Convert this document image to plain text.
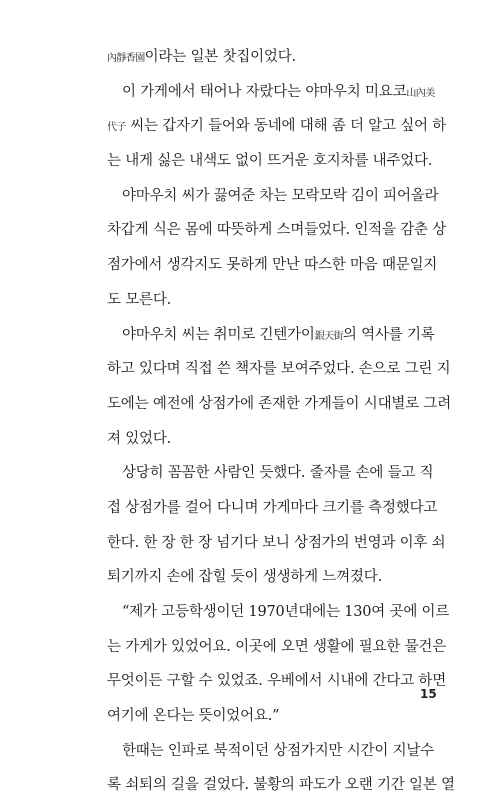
內靜香園이라는 일본 찻집이었다.
이 가게에서 태어나 자랐다는 야마우치 미요코山內美
代子 씨는 갑자기 들어와 동네에 대해 좀 더 알고 싶어 하
는 내게 싫은 내색도 없이 뜨거운 호지차를 내주었다.
야마우치 씨가 끓여준 차는 모락모락 김이 피어올라
차갑게 식은 몸에 따뜻하게 스며들었다. 인적을 감춘 상
점가에서 생각지도 못하게 만난 따스한 마음 때문일지
도 모른다.
야마우치 씨는 취미로 긴텐가이銀天街의 역사를 기록
하고 있다며 직접 쓴 책자를 보여주었다. 손으로 그린 지
도에는 예전에 상점가에 존재한 가게들이 시대별로 그려
져 있었다.
상당히 꼼꼼한 사람인 듯했다. 줄자를 손에 들고 직
접 상점가를 걸어 다니며 가게마다 크기를 측정했다고
한다. 한 장 한 장 넘기다 보니 상점가의 번영과 이후 쇠
퇴기까지 손에 잡힐 듯이 생생하게 느껴졌다.
“제가 고등학생이던 1970년대에는 130여 곳에 이르
는 가게가 있었어요. 이곳에 오면 생활에 필요한 물건은
무엇이든 구할 수 있었죠. 우베에서 시내에 간다고 하면
여기에 온다는 뜻이었어요.”
한때는 인파로 북적이던 상점가지만 시간이 지날수
록 쇠퇴의 길을 걸었다. 불황의 파도가 오랜 기간 일본 열
15
